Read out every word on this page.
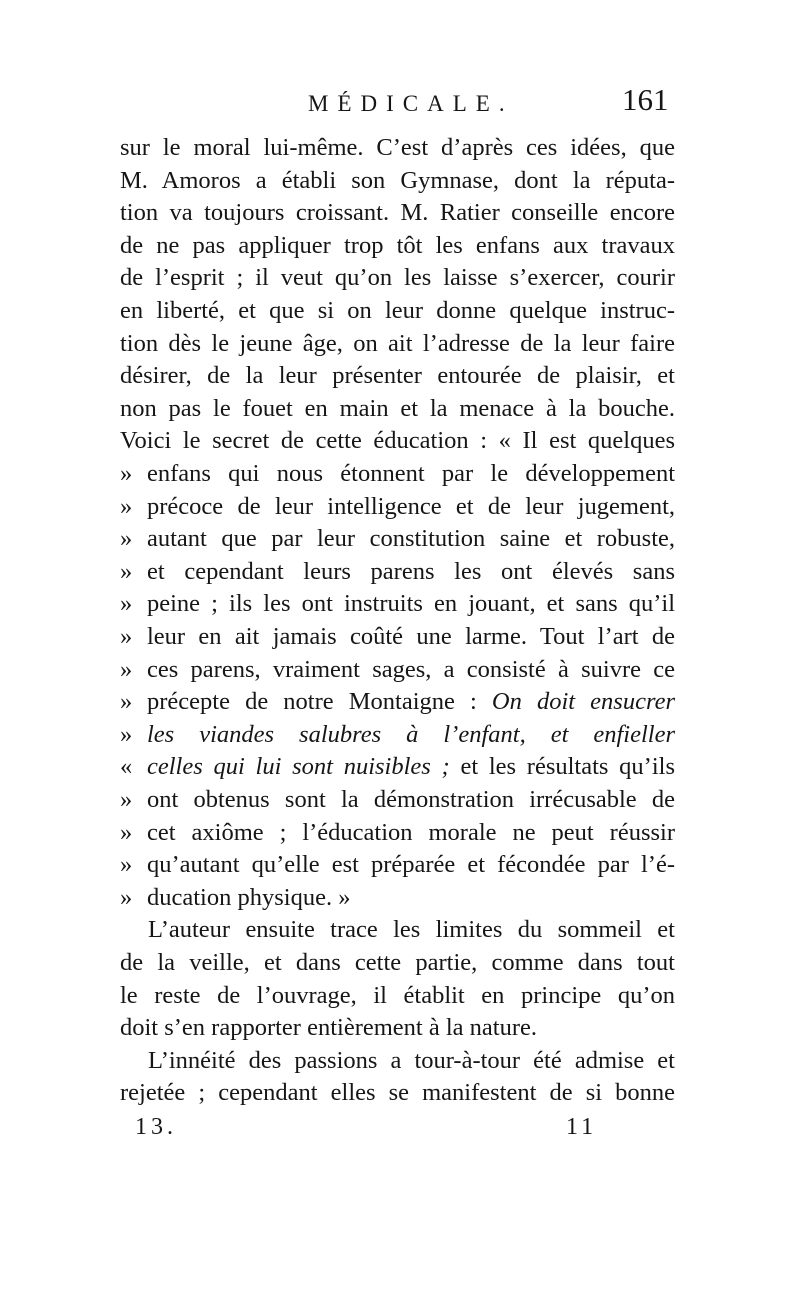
MÉDICALE.	161
sur le moral lui-même. C’est d’après ces idées, que
M. Amoros a établi son Gymnase, dont la réputa-
tion va toujours croissant. M. Ratier conseille encore
de ne pas appliquer trop tôt les enfans aux travaux
de l’esprit ; il veut qu’on les laisse s’exercer, courir
en liberté, et que si on leur donne quelque instruc-
tion dès le jeune âge, on ait l’adresse de la leur faire
désirer, de la leur présenter entourée de plaisir, et
non pas le fouet en main et la menace à la bouche.
Voici le secret de cette éducation : « Il est quelques
» enfans qui nous étonnent par le développement
» précoce de leur intelligence et de leur jugement,
» autant que par leur constitution saine et robuste,
» et cependant leurs parens les ont élevés sans
» peine ; ils les ont instruits en jouant, et sans qu’il
» leur en ait jamais coûté une larme. Tout l’art de
» ces parens, vraiment sages, a consisté à suivre ce
» précepte de notre Montaigne : On doit ensucrer
» les viandes salubres à l’enfant, et enfieller
« celles qui lui sont nuisibles ; et les résultats qu’ils
» ont obtenus sont la démonstration irrécusable de
» cet axiôme ; l’éducation morale ne peut réussir
» qu’autant qu’elle est préparée et fécondée par l’é-
» ducation physique. »
L’auteur ensuite trace les limites du sommeil et
de la veille, et dans cette partie, comme dans tout
13.	11
le reste de l’ouvrage, il établit en principe qu’on
doit s’en rapporter entièrement à la nature.
L’innéité des passions a tour-à-tour été admise et
rejetée ; cependant elles se manifestent de si bonne
